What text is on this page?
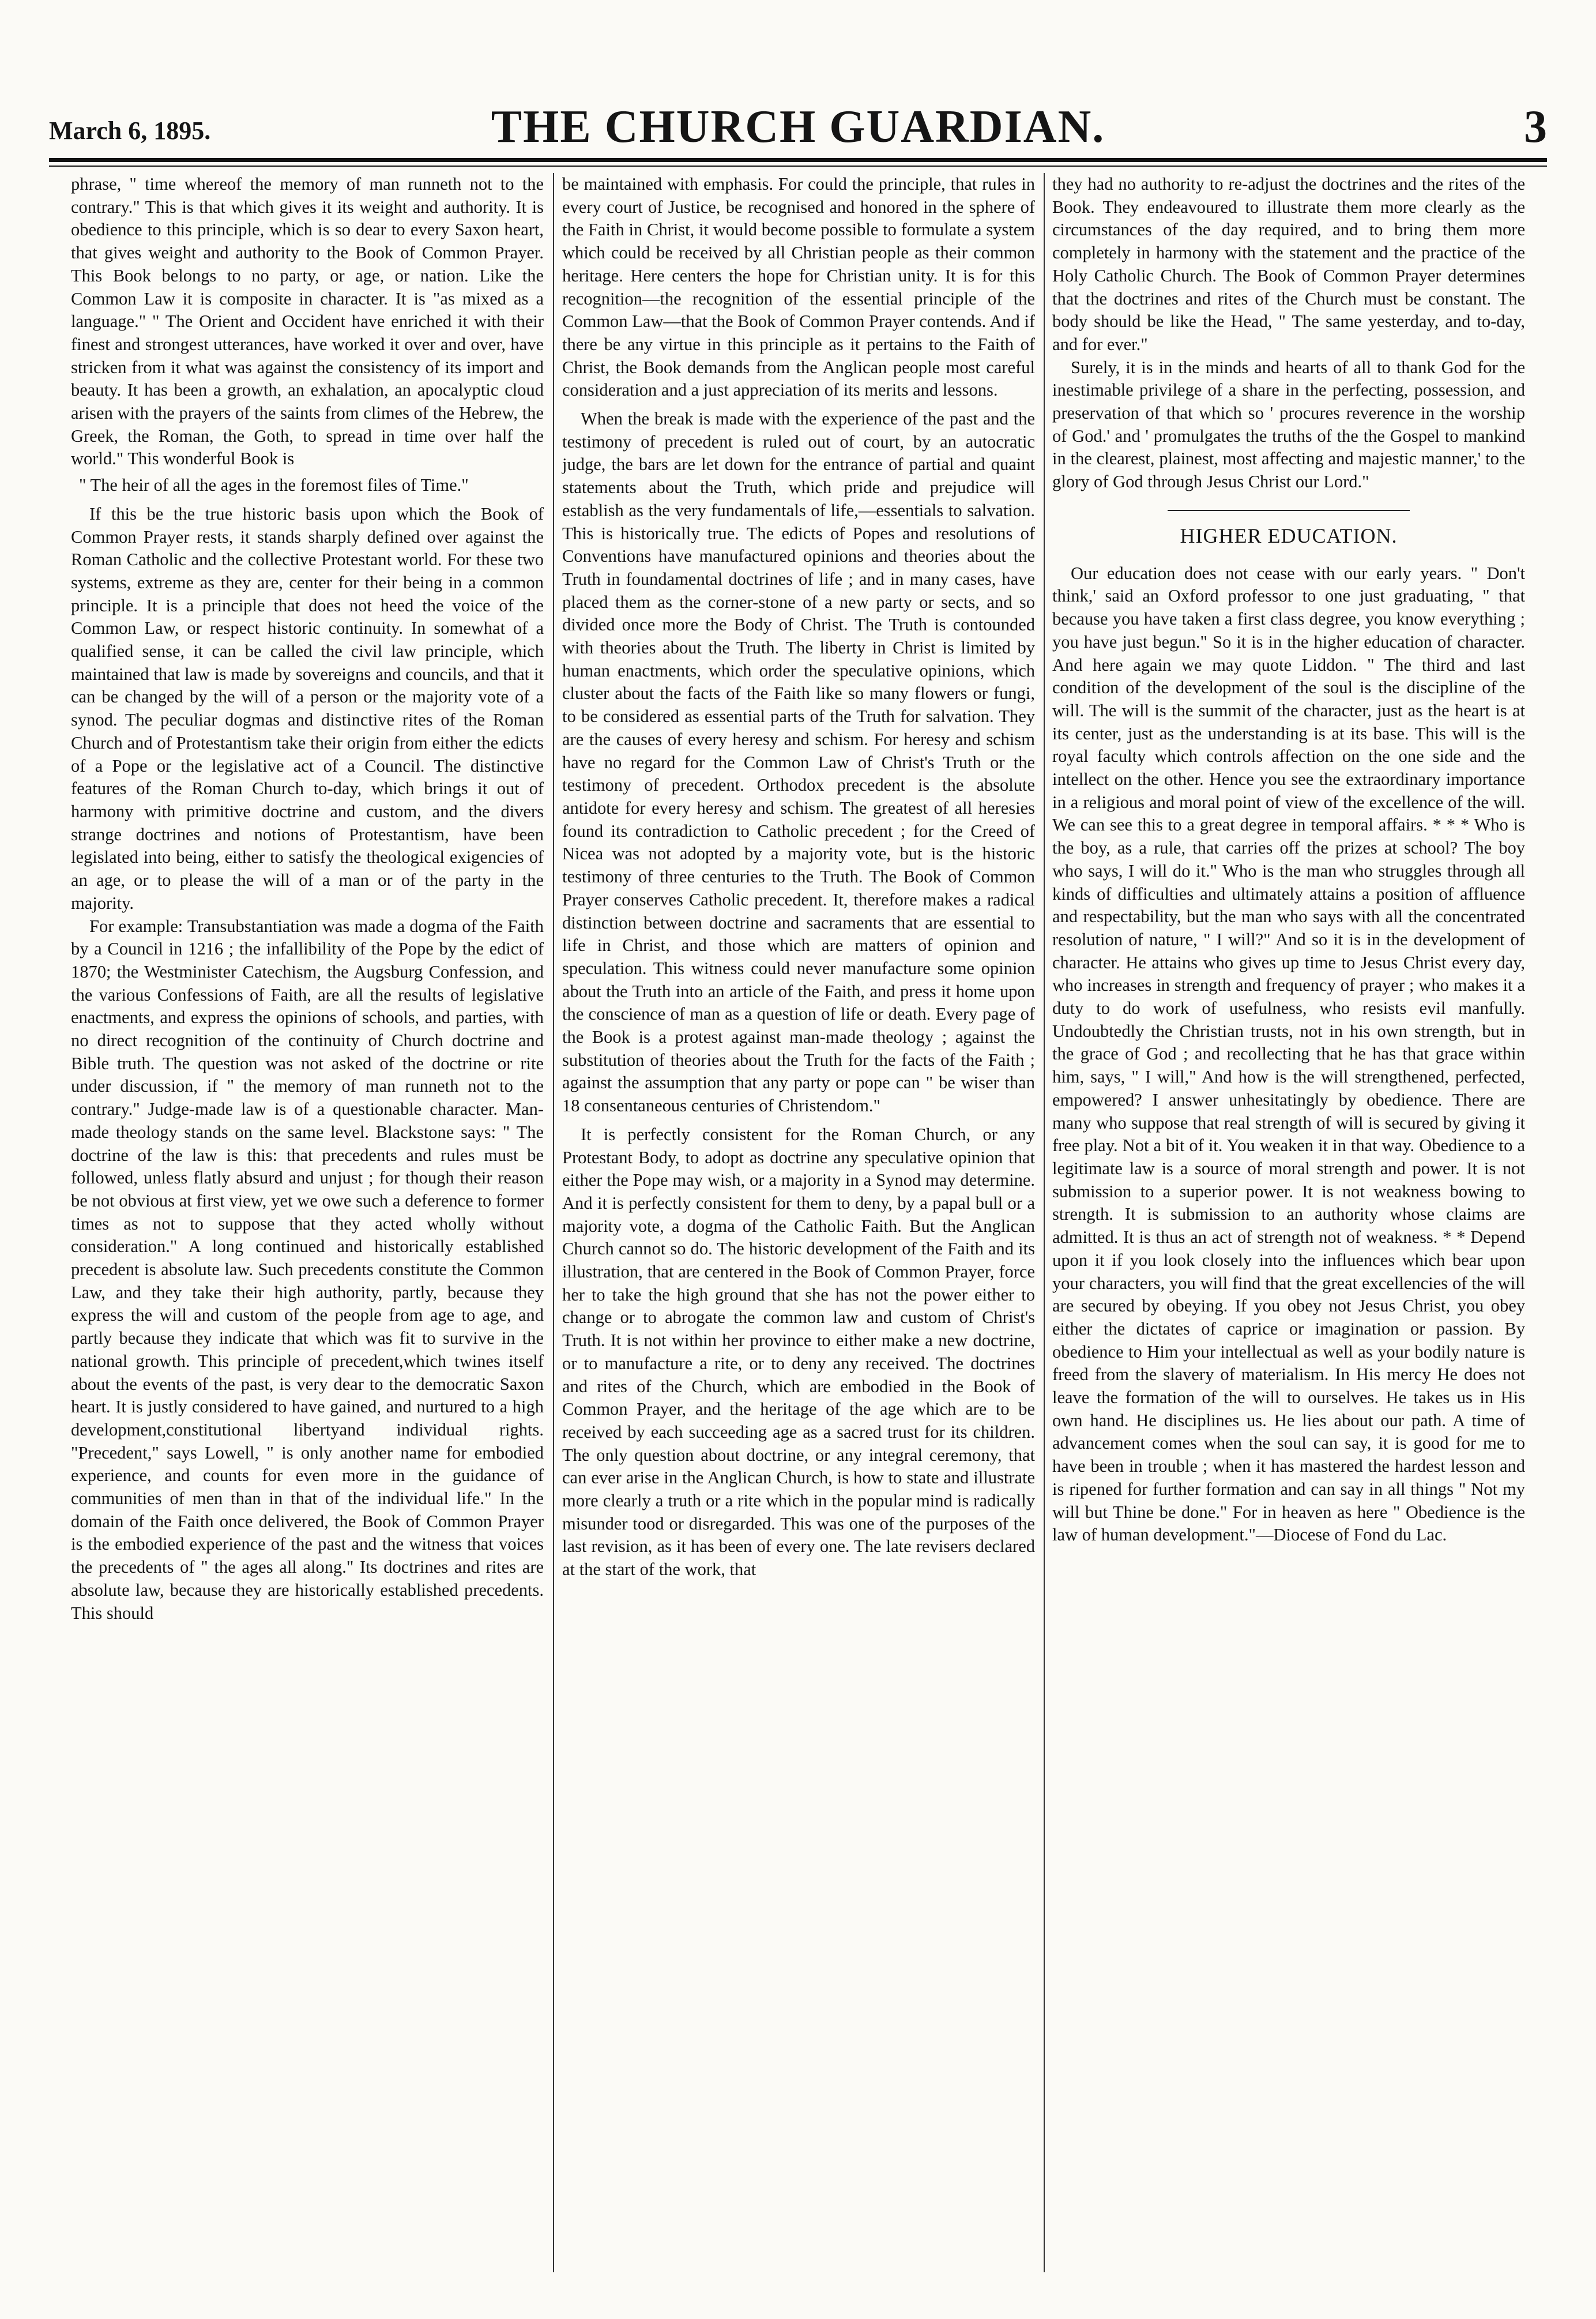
March 6, 1895.	THE CHURCH GUARDIAN.	3

phrase, " time whereof the memory of man runneth not to the contrary." This is that which gives it its weight and authority. It is obedience to this principle, which is so dear to every Saxon heart, that gives weight and authority to the Book of Common Prayer. This Book belongs to no party, or age, or nation. Like the Common Law it is composite in character. It is "as mixed as a language." " The Orient and Occident have enriched it with their finest and strongest utterances, have worked it over and over, have stricken from it what was against the consistency of its import and beauty. It has been a growth, an exhalation, an apocalyptic cloud arisen with the prayers of the saints from climes of the Hebrew, the Greek, the Roman, the Goth, to spread in time over half the world." This wonderful Book is

" The heir of all the ages in the foremost files of Time."

If this be the true historic basis upon which the Book of Common Prayer rests, it stands sharply defined over against the Roman Catholic and the collective Protestant world. For these two systems, extreme as they are, center for their being in a common principle. It is a principle that does not heed the voice of the Common Law, or respect historic continuity. In somewhat of a qualified sense, it can be called the civil law principle, which maintained that law is made by sovereigns and councils, and that it can be changed by the will of a person or the majority vote of a synod. The peculiar dogmas and distinctive rites of the Roman Church and of Protestantism take their origin from either the edicts of a Pope or the legislative act of a Council. The distinctive features of the Roman Church to-day, which brings it out of harmony with primitive doctrine and custom, and the divers strange doctrines and notions of Protestantism, have been legislated into being, either to satisfy the theological exigencies of an age, or to please the will of a man or of the party in the majority.

For example: Transubstantiation was made a dogma of the Faith by a Council in 1216 ; the infallibility of the Pope by the edict of 1870; the Westminister Catechism, the Augsburg Confession, and the various Confessions of Faith, are all the results of legislative enactments, and express the opinions of schools, and parties, with no direct recognition of the continuity of Church doctrine and Bible truth. The question was not asked of the doctrine or rite under discussion, if " the memory of man runneth not to the contrary." Judge-made law is of a questionable character. Man-made theology stands on the same level. Blackstone says: " The doctrine of the law is this: that precedents and rules must be followed, unless flatly absurd and unjust ; for though their reason be not obvious at first view, yet we owe such a deference to former times as not to suppose that they acted wholly without consideration." A long continued and historically established precedent is absolute law. Such precedents constitute the Common Law, and they take their high authority, partly, because they express the will and custom of the people from age to age, and partly because they indicate that which was fit to survive in the national growth. This principle of precedent,which twines itself about the events of the past, is very dear to the democratic Saxon heart. It is justly considered to have gained, and nurtured to a high development,constitutional libertyand individual rights. "Precedent," says Lowell, " is only another name for embodied experience, and counts for even more in the guidance of communities of men than in that of the individual life." In the domain of the Faith once delivered, the Book of Common Prayer is the embodied experience of the past and the witness that voices the precedents of " the ages all along." Its doctrines and rites are absolute law, because they are historically established precedents. This should

be maintained with emphasis. For could the principle, that rules in every court of Justice, be recognised and honored in the sphere of the Faith in Christ, it would become possible to formulate a system which could be received by all Christian people as their common heritage. Here centers the hope for Christian unity. It is for this recognition—the recognition of the essential principle of the Common Law—that the Book of Common Prayer contends. And if there be any virtue in this principle as it pertains to the Faith of Christ, the Book demands from the Anglican people most careful consideration and a just appreciation of its merits and lessons.

When the break is made with the experience of the past and the testimony of precedent is ruled out of court, by an autocratic judge, the bars are let down for the entrance of partial and quaint statements about the Truth, which pride and prejudice will establish as the very fundamentals of life,—essentials to salvation. This is historically true. The edicts of Popes and resolutions of Conventions have manufactured opinions and theories about the Truth in foundamental doctrines of life ; and in many cases, have placed them as the corner-stone of a new party or sects, and so divided once more the Body of Christ. The Truth is contounded with theories about the Truth. The liberty in Christ is limited by human enactments, which order the speculative opinions, which cluster about the facts of the Faith like so many flowers or fungi, to be considered as essential parts of the Truth for salvation. They are the causes of every heresy and schism. For heresy and schism have no regard for the Common Law of Christ's Truth or the testimony of precedent. Orthodox precedent is the absolute antidote for every heresy and schism. The greatest of all heresies found its contradiction to Catholic precedent ; for the Creed of Nicea was not adopted by a majority vote, but is the historic testimony of three centuries to the Truth. The Book of Common Prayer conserves Catholic precedent. It, therefore makes a radical distinction between doctrine and sacraments that are essential to life in Christ, and those which are matters of opinion and speculation. This witness could never manufacture some opinion about the Truth into an article of the Faith, and press it home upon the conscience of man as a question of life or death. Every page of the Book is a protest against man-made theology ; against the substitution of theories about the Truth for the facts of the Faith ; against the assumption that any party or pope can " be wiser than 18 consentaneous centuries of Christendom."

It is perfectly consistent for the Roman Church, or any Protestant Body, to adopt as doctrine any speculative opinion that either the Pope may wish, or a majority in a Synod may determine. And it is perfectly consistent for them to deny, by a papal bull or a majority vote, a dogma of the Catholic Faith. But the Anglican Church cannot so do. The historic development of the Faith and its illustration, that are centered in the Book of Common Prayer, force her to take the high ground that she has not the power either to change or to abrogate the common law and custom of Christ's Truth. It is not within her province to either make a new doctrine, or to manufacture a rite, or to deny any received. The doctrines and rites of the Church, which are embodied in the Book of Common Prayer, and the heritage of the age which are to be received by each succeeding age as a sacred trust for its children. The only question about doctrine, or any integral ceremony, that can ever arise in the Anglican Church, is how to state and illustrate more clearly a truth or a rite which in the popular mind is radically misunder tood or disregarded. This was one of the purposes of the last revision, as it has been of every one. The late revisers declared at the start of the work, that

they had no authority to re-adjust the doctrines and the rites of the Book. They endeavoured to illustrate them more clearly as the circumstances of the day required, and to bring them more completely in harmony with the statement and the practice of the Holy Catholic Church. The Book of Common Prayer determines that the doctrines and rites of the Church must be constant. The body should be like the Head, " The same yesterday, and to-day, and for ever."

Surely, it is in the minds and hearts of all to thank God for the inestimable privilege of a share in the perfecting, possession, and preservation of that which so ' procures reverence in the worship of God.' and ' promulgates the truths of the the Gospel to mankind in the clearest, plainest, most affecting and majestic manner,' to the glory of God through Jesus Christ our Lord."

HIGHER EDUCATION.

Our education does not cease with our early years. " Don't think,' said an Oxford professor to one just graduating, " that because you have taken a first class degree, you know everything ; you have just begun." So it is in the higher education of character. And here again we may quote Liddon. " The third and last condition of the development of the soul is the discipline of the will. The will is the summit of the character, just as the heart is at its center, just as the understanding is at its base. This will is the royal faculty which controls affection on the one side and the intellect on the other. Hence you see the extraordinary importance in a religious and moral point of view of the excellence of the will. We can see this to a great degree in temporal affairs. * * * Who is the boy, as a rule, that carries off the prizes at school? The boy who says, I will do it." Who is the man who struggles through all kinds of difficulties and ultimately attains a position of affluence and respectability, but the man who says with all the concentrated resolution of nature, " I will?" And so it is in the development of character. He attains who gives up time to Jesus Christ every day, who increases in strength and frequency of prayer ; who makes it a duty to do work of usefulness, who resists evil manfully. Undoubtedly the Christian trusts, not in his own strength, but in the grace of God ; and recollecting that he has that grace within him, says, " I will," And how is the will strengthened, perfected, empowered? I answer unhesitatingly by obedience. There are many who suppose that real strength of will is secured by giving it free play. Not a bit of it. You weaken it in that way. Obedience to a legitimate law is a source of moral strength and power. It is not submission to a superior power. It is not weakness bowing to strength. It is submission to an authority whose claims are admitted. It is thus an act of strength not of weakness. * * Depend upon it if you look closely into the influences which bear upon your characters, you will find that the great excellencies of the will are secured by obeying. If you obey not Jesus Christ, you obey either the dictates of caprice or imagination or passion. By obedience to Him your intellectual as well as your bodily nature is freed from the slavery of materialism. In His mercy He does not leave the formation of the will to ourselves. He takes us in His own hand. He disciplines us. He lies about our path. A time of advancement comes when the soul can say, it is good for me to have been in trouble ; when it has mastered the hardest lesson and is ripened for further formation and can say in all things " Not my will but Thine be done." For in heaven as here " Obedience is the law of human development."—Diocese of Fond du Lac.
